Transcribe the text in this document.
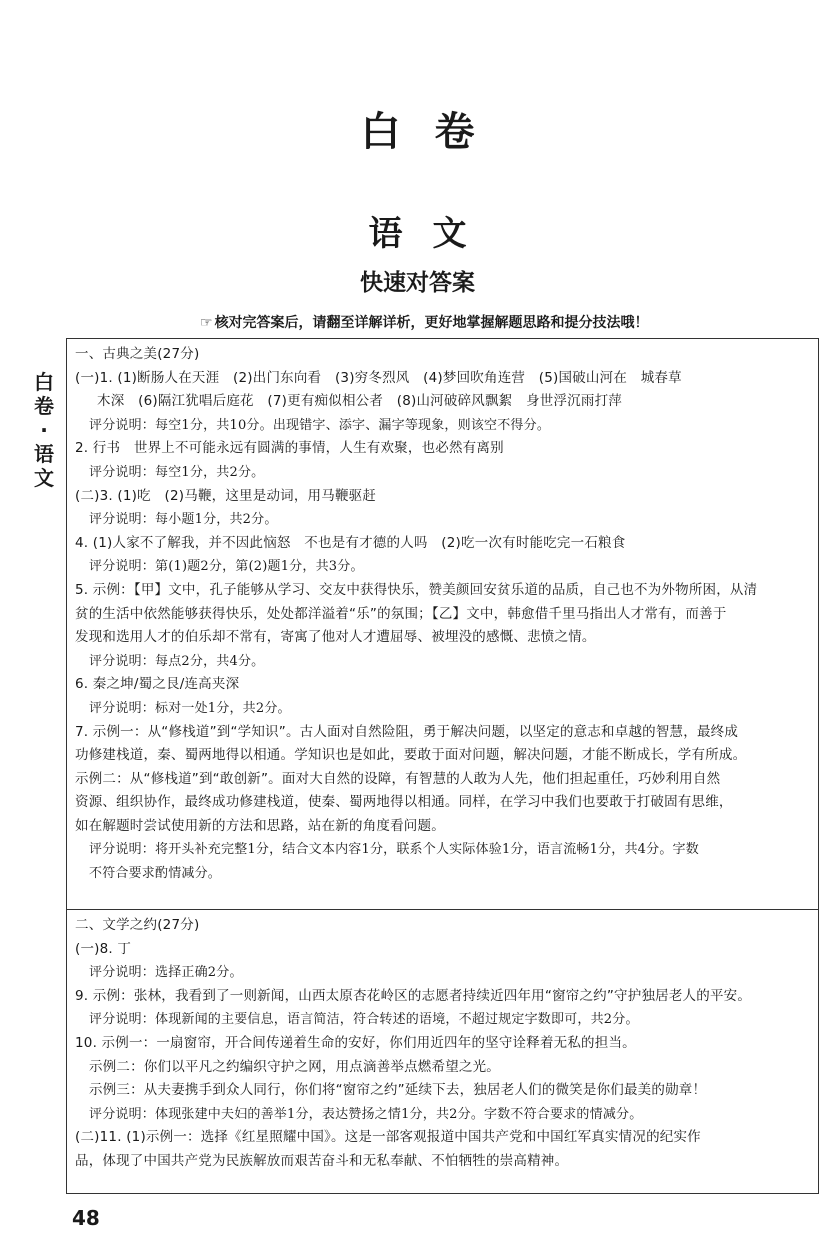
白卷
语文
快速对答案
☞ 核对完答案后，请翻至详解详析，更好地掌握解题思路和提分技法哦！
白
卷
·
语
文
一、古典之美(27分)
(一)1. (1)断肠人在天涯　(2)出门东向看　(3)穷冬烈风　(4)梦回吹角连营　(5)国破山河在　城春草
木深　(6)隔江犹唱后庭花　(7)更有痴似相公者　(8)山河破碎风飘絮　身世浮沉雨打萍
评分说明：每空1分，共10分。出现错字、添字、漏字等现象，则该空不得分。
2. 行书　世界上不可能永远有圆满的事情，人生有欢聚，也必然有离别
评分说明：每空1分，共2分。
(二)3. (1)吃　(2)马鞭，这里是动词，用马鞭驱赶
评分说明：每小题1分，共2分。
4. (1)人家不了解我，并不因此恼怒　不也是有才德的人吗　(2)吃一次有时能吃完一石粮食
评分说明：第(1)题2分，第(2)题1分，共3分。
5. 示例：【甲】文中，孔子能够从学习、交友中获得快乐，赞美颜回安贫乐道的品质，自己也不为外物所困，从清
贫的生活中依然能够获得快乐，处处都洋溢着“乐”的氛围；【乙】文中，韩愈借千里马指出人才常有，而善于
发现和选用人才的伯乐却不常有，寄寓了他对人才遭屈辱、被埋没的感慨、悲愤之情。
评分说明：每点2分，共4分。
6. 秦之坤/蜀之艮/连高夹深
评分说明：标对一处1分，共2分。
7. 示例一：从“修栈道”到“学知识”。古人面对自然险阻，勇于解决问题，以坚定的意志和卓越的智慧，最终成
功修建栈道，秦、蜀两地得以相通。学知识也是如此，要敢于面对问题，解决问题，才能不断成长，学有所成。
示例二：从“修栈道”到“敢创新”。面对大自然的设障，有智慧的人敢为人先，他们担起重任，巧妙利用自然
资源、组织协作，最终成功修建栈道，使秦、蜀两地得以相通。同样，在学习中我们也要敢于打破固有思维，
如在解题时尝试使用新的方法和思路，站在新的角度看问题。
评分说明：将开头补充完整1分，结合文本内容1分，联系个人实际体验1分，语言流畅1分，共4分。字数
不符合要求酌情减分。
二、文学之约(27分)
(一)8. 丁
评分说明：选择正确2分。
9. 示例：张林，我看到了一则新闻，山西太原杏花岭区的志愿者持续近四年用“窗帘之约”守护独居老人的平安。
评分说明：体现新闻的主要信息，语言简洁，符合转述的语境，不超过规定字数即可，共2分。
10. 示例一：一扇窗帘，开合间传递着生命的安好，你们用近四年的坚守诠释着无私的担当。
示例二：你们以平凡之约编织守护之网，用点滴善举点燃希望之光。
示例三：从夫妻携手到众人同行，你们将“窗帘之约”延续下去，独居老人们的微笑是你们最美的勋章！
评分说明：体现张建中夫妇的善举1分，表达赞扬之情1分，共2分。字数不符合要求的情减分。
(二)11. (1)示例一：选择《红星照耀中国》。这是一部客观报道中国共产党和中国红军真实情况的纪实作
品，体现了中国共产党为民族解放而艰苦奋斗和无私奉献、不怕牺牲的崇高精神。
48
